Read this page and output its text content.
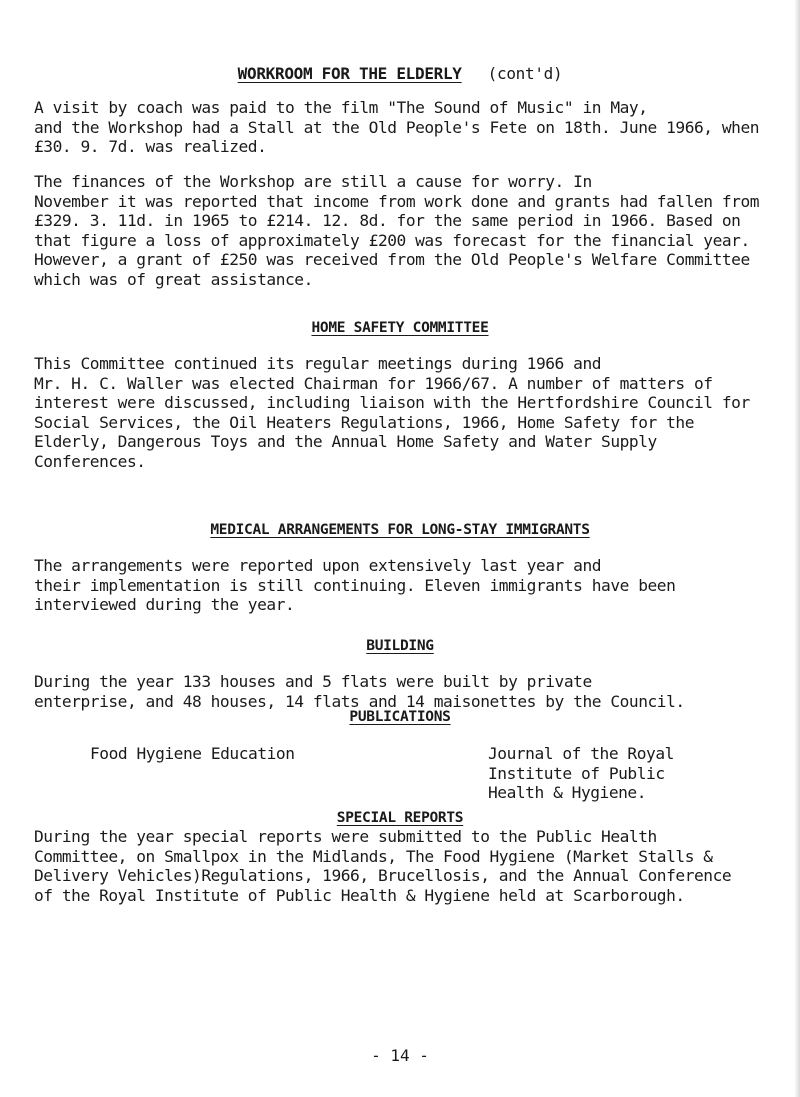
WORKROOM FOR THE ELDERLY (cont'd)
A visit by coach was paid to the film "The Sound of Music" in May,
and the Workshop had a Stall at the Old People's Fete on 18th. June 1966, when
£30. 9. 7d. was realized.
The finances of the Workshop are still a cause for worry. In
November it was reported that income from work done and grants had fallen from
£329. 3. 11d. in 1965 to £214. 12. 8d. for the same period in 1966. Based on
that figure a loss of approximately £200 was forecast for the financial year.
However, a grant of £250 was received from the Old People's Welfare Committee
which was of great assistance.
HOME SAFETY COMMITTEE
This Committee continued its regular meetings during 1966 and
Mr. H. C. Waller was elected Chairman for 1966/67. A number of matters of
interest were discussed, including liaison with the Hertfordshire Council for
Social Services, the Oil Heaters Regulations, 1966, Home Safety for the
Elderly, Dangerous Toys and the Annual Home Safety and Water Supply
Conferences.
MEDICAL ARRANGEMENTS FOR LONG-STAY IMMIGRANTS
The arrangements were reported upon extensively last year and
their implementation is still continuing. Eleven immigrants have been
interviewed during the year.
BUILDING
During the year 133 houses and 5 flats were built by private
enterprise, and 48 houses, 14 flats and 14 maisonettes by the Council.
PUBLICATIONS
Food Hygiene Education	Journal of the Royal
Institute of Public
Health & Hygiene.
SPECIAL REPORTS
During the year special reports were submitted to the Public Health
Committee, on Smallpox in the Midlands, The Food Hygiene (Market Stalls &
Delivery Vehicles)Regulations, 1966, Brucellosis, and the Annual Conference
of the Royal Institute of Public Health & Hygiene held at Scarborough.
- 14 -
